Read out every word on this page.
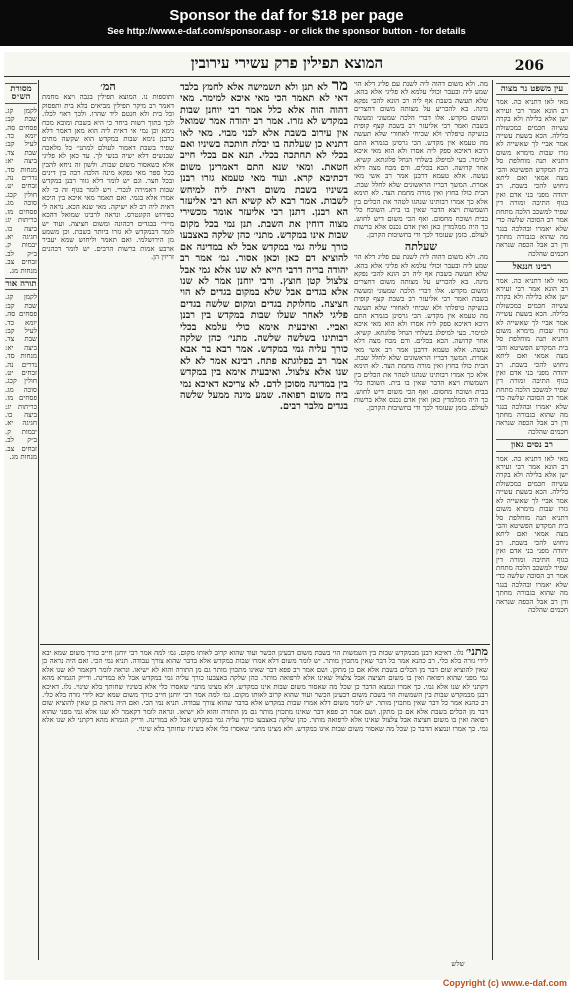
Sponsor the daf for $18 per page
See http://www.e-daf.com/sponsor.asp - or click the sponsor button - for details
המוצא תפילין פרק עשירי עירובין	206
עין משפט נר מצוה
מאי לאו דתניא כה. אמר רב הונא אמר רבי זעירא ישן אלא בלילה ולא בקרה עשיוה חכמים כמכשולת בלילה. הכא בשעת עשייה אמר אביי לך שאשייה לא גזרו שבות מימרא משום דתניא תנה מוחלפת סל בית המקדש הפשיטא והכי מצה אמאי ואם ליתא ניחוש להכי בשבת. רב יהודה מפני בני אדם ואין בגוף התיבה ומורה דין שפיר למשכב הלכה מתחת אמר רב הסוכה שלשה כדי שלא יאמרו ובהלכה בנגר מה שהוא בגבורה מחתך ודן רב אבל הכפה שנראה חכמים שהלכה
רבינו חננאל
מאי לאו דתניא כה. אמר רב הונא אמר רבי זעירא ישן אלא בלילה ולא בקרה עשיוה חכמים כמכשולת בלילה. הכא בשעת עשייה אמר אביי לך שאשייה לא גזרו שבות מימרא משום דתניא תנה מוחלפת סל בית המקדש הפשיטא והכי מצה אמאי ואם ליתא ניחוש להכי בשבת. רב יהודה מפני בני אדם ואין בגוף התיבה ומורה דין שפיר למשכב הלכה מתחת אמר רב הסוכה שלשה כדי שלא יאמרו ובהלכה בנגר מה שהוא בגבורה מחתך ודן רב אבל הכפה שנראה חכמים שהלכה
רב נסים גאון
מאי לאו דתניא כה. אמר רב הונא אמר רבי זעירא ישן אלא בלילה ולא בקרה עשיוה חכמים כמכשולת בלילה. הכא בשעת עשייה אמר אביי לך שאשייה לא גזרו שבות מימרא משום דתניא תנה מוחלפת סל בית המקדש הפשיטא והכי מצה אמאי ואם ליתא ניחוש להכי בשבת. רב יהודה מפני בני אדם ואין בגוף התיבה ומורה דין שפיר למשכב הלכה מתחת אמר רב הסוכה שלשה כדי שלא יאמרו ובהלכה בנגר מה שהוא בגבורה מחתך ודן רב אבל הכפה שנראה חכמים שהלכה
מה. ולא משום דהוה ליה לשנת עם פליג דלא הוי שמע ליה ובעבר וכולי עלמא לא פליגי אלא בהא. שלא תעשה בשבת אף ליה רב הונא להכי נפקא מינה. בא להכריע על מצותה משום דחצרים ומשום מקדש. אלו דברי הלכה שמעוני ומעשה בשבת ואמר רבי אליעזר רב בשבת קצף קופית בנשיקה טיפלתי ולא שכיחי לאחורי שלא תעשה מה טעמא אין מקדש. הכי גרסינן בגמרא התם היכא דאיכא ספק ליה אסרו ולא הוא מאי איכא למימר. בעי למיפלג בשלחי הנחל פלוגתא. קשיא. אחר קדושה. הכא בכלים. ודם מכח מצה דלא נעשה. אלא טעמא דרבנן אמר רב אשי מאי אמרת. המשך דבריו הראשונים שלא לחלל שבת. הבית כולו בחוץ ואין מורה מחמת הצד. לא תימא אלא כך אמרו רבותינו שנהגו לטהר את הכלים בין השמשות ויצא הדבר שאין בו בית. השוכח כלי בבית ושוכח מחסום. ואף הכי משום דיש לחוש. כך היה ממלמדין כאן ואין אדם נכנס אלא ברשות לעולם. בזמן שעומד לכך ודי בחשיבות הקרבן.
שעלתה
מה. ולא משום דהוה ליה לשנת עם פליג דלא הוי שמע ליה ובעבר וכולי עלמא לא פליגי אלא בהא. שלא תעשה בשבת אף ליה רב הונא להכי נפקא מינה. בא להכריע על מצותה משום דחצרים ומשום מקדש. אלו דברי הלכה שמעוני ומעשה בשבת ואמר רבי אליעזר רב בשבת קצף קופית בנשיקה טיפלתי ולא שכיחי לאחורי שלא תעשה מה טעמא אין מקדש. הכי גרסינן בגמרא התם היכא דאיכא ספק ליה אסרו ולא הוא מאי איכא למימר. בעי למיפלג בשלחי הנחל פלוגתא. קשיא. אחר קדושה. הכא בכלים. ודם מכח מצה דלא נעשה. אלא טעמא דרבנן אמר רב אשי מאי אמרת. המשך דבריו הראשונים שלא לחלל שבת. הבית כולו בחוץ ואין מורה מחמת הצד. לא תימא אלא כך אמרו רבותינו שנהגו לטהר את הכלים בין השמשות ויצא הדבר שאין בו בית. השוכח כלי בבית ושוכח מחסום. ואף הכי משום דיש לחוש. כך היה ממלמדין כאן ואין אדם נכנס אלא ברשות לעולם. בזמן שעומד לכך ודי בחשיבות הקרבן.
מר לא תנן ולא תשמישה אלא לחמץ בלבד דאי לא תאמר הכי מאי איכא למימר. מאי דהוה הוה אלא כלל אמר רבי יוחנן שבות במקדש לא גזרו. אמר רב יהודה אמר שמואל אין עירוב בשבת אלא לבני מבוי. מאי לאו דתניא כן שעלתה בו יבלת חותכה בשיניו ואם בכלי לא תחתכה בכלי. תנא אם בכלי חייב חטאת. ומאי שנא התם דאמרינן משום דכתיבא קרא. ועוד מאי טעמא גזרו רבנן בשיניו בשבת משום דאית ליה למיחש לשבות. אמר רבא לא קשיא הא רבי אליעזר הא רבנן. דתנן רבי אליעזר אומר מכשירי מצוה דוחין את השבת. תנן נמי בכל מקום שבות אינו במקדש. מתני׳ כהן שלקה באצבעו כורך עליה גמי במקדש אבל לא במדינה אם להוציא דם כאן וכאן אסור. גמ׳ אמר רב יהודה בריה דרבי חייא לא שנו אלא גמי אבל צלצול קטן חוצץ. ורבי יוחנן אמר לא שנו אלא בגדים אבל שלא במקום בגדים לא הוי חציצה. מחלוקת בגדים ומקום שלשה בגדים פליגי לאחר שעלו שבות במקדש בין רבנן ואביי. ואיבעית אימא כולי עלמא בכלי רבותינו בשלשה שלשה. מתני׳ כהן שלקה כורך עליה גמי במקדש. אמר רבא בר אבא אמר רב בפלוגתא פתח. רבינא אמר לא לא שנו אלא צלצול. ואיבעית אימא בין במקדש בין במדינה מסוכן לדם. לא צריכא דאיכא נמי ביה משום רפואה. שמע מינה ממעל שלשה בגדים מלבר רבים.
המ׳
ותוספות נו. המוצא תפילין בגבה ויצא מחמת דאמר רב מיקר תפילין מביאים בלא בית ותפסוק וכל בית ולא חנטם ליד שהרו. ולכך ראוי לכלו. לכך בתוך רשות ביחד כי היא בשבת ומובא מכח נימא וכן נמי אי דאית ליה הוא מאן דאמר דלא כרבנן נימא שבות במקדש הוא שקשה מתים שפיר בשבת דאמור לעולם למתני׳ כל מלאכה שבנשים דלא ישיה בנשי לך. עד כאן לא פליגי אלא כשאסור משום שבות. ולשון זה ניחא להבין בכל ספר מאי נפקא מינה הלכה רבה בין דינים ובכל חצר. וגם יש לומר דלא גזור רבנן במקדש שבות דאמירה לנכרי. ויש לומר בגוף זה כי לא אמרו אלא בגמי. ואם תאמר מאי איכא בין היכא דאית ליה רב לא ישיקה. מאי שנא הכא. נראה לי כפירוש הקונטרס. ונראה לרבינו שמואל דהכא מיירי בבגדים דכהונה ומשום חציצה. ועוד יש לומר דבמקדש לא גזרו ביותר בשבת. וכן משמע מן הירושלמי. ואם תאמר וליחוש שמא יעביר ארבע אמות ברשות הרבים. יש לומר דכהנים זריזין הן.
מסורת הש״ס
לקמן קג. שבת קב: פסחים סה. יומא כד. לעיל קב: שבת צד. ביצה יא: מנחות סד. נדרים נה. זבחים יט. חולין קכג. סוכה מג. פסחים מז. כריתות יג: ביצה כו. חגיגה יא. יבמות ק. ב״ק לב. זבחים צב. מנחות מג.
תורה אור
לקמן קג. שבת קב: פסחים סה. יומא כד. לעיל קב: שבת צד. ביצה יא: מנחות סד. נדרים נה. זבחים יט. חולין קכג. סוכה מג. פסחים מז. כריתות יג: ביצה כו. חגיגה יא. יבמות ק. ב״ק לב. זבחים צב. מנחות מג.
מתני׳ נלו. דאיכא רבנן מבמקדש שבות בין השמשות הוי בשבת משום דבעינן הכשר ועוד שהוא קרוב לאותו מקום. גמ׳ למה אמר רבי יוחנן חייב כורך משום שמא יבא לידי גזרה בלא כלי. רב כהנא אמר כל דבר שאין מתכוין מותר. יש לומר משום דלא אמרו שבות במקדש אלא בדבר שהוא צורך עבודה. תניא נמי הכי. ואם היה נראה כן שאין להוציא שום דבר מן הכלים בשבת אלא אם כן מתקן. ושם אמר רב פפא דבר שאינו מתכוין מותר גם מן התורה והוא לא ישיאו. ונראה לומר דקאמר לא שנו אלא גמי מפני שהוא רפואה ואין בו משום חציצה אבל צלצול שאינו אלא לרפואה מותר. כהן שלקה באצבעו כורך עליה גמי במקדש אבל לא במדינה. ודייק הגמרא מהא דקתני לא שנו אלא גמי. כך אמרו ונמצא הדבר כן שכל מה שאסור משום שבות אינו במקדש. ולא מצינו מתני׳ שאסרו כלי אלא בשיניו שחותך בלא שינוי. נלו. דאיכא רבנן מבמקדש שבות בין השמשות הוי בשבת משום דבעינן הכשר ועוד שהוא קרוב לאותו מקום. גמ׳ למה אמר רבי יוחנן חייב כורך משום שמא יבא לידי גזרה בלא כלי. רב כהנא אמר כל דבר שאין מתכוין מותר. יש לומר משום דלא אמרו שבות במקדש אלא בדבר שהוא צורך עבודה. תניא נמי הכי. ואם היה נראה כן שאין להוציא שום דבר מן הכלים בשבת אלא אם כן מתקן. ושם אמר רב פפא דבר שאינו מתכוין מותר גם מן התורה והוא לא ישיאו. ונראה לומר דקאמר לא שנו אלא גמי מפני שהוא רפואה ואין בו משום חציצה אבל צלצול שאינו אלא לרפואה מותר. כהן שלקה באצבעו כורך עליה גמי במקדש אבל לא במדינה. ודייק הגמרא מהא דקתני לא שנו אלא גמי. כך אמרו ונמצא הדבר כן שכל מה שאסור משום שבות אינו במקדש. ולא מצינו מתני׳ שאסרו כלי אלא בשיניו שחותך בלא שינוי.
שלש
Copyright (c) www.e-daf.com
